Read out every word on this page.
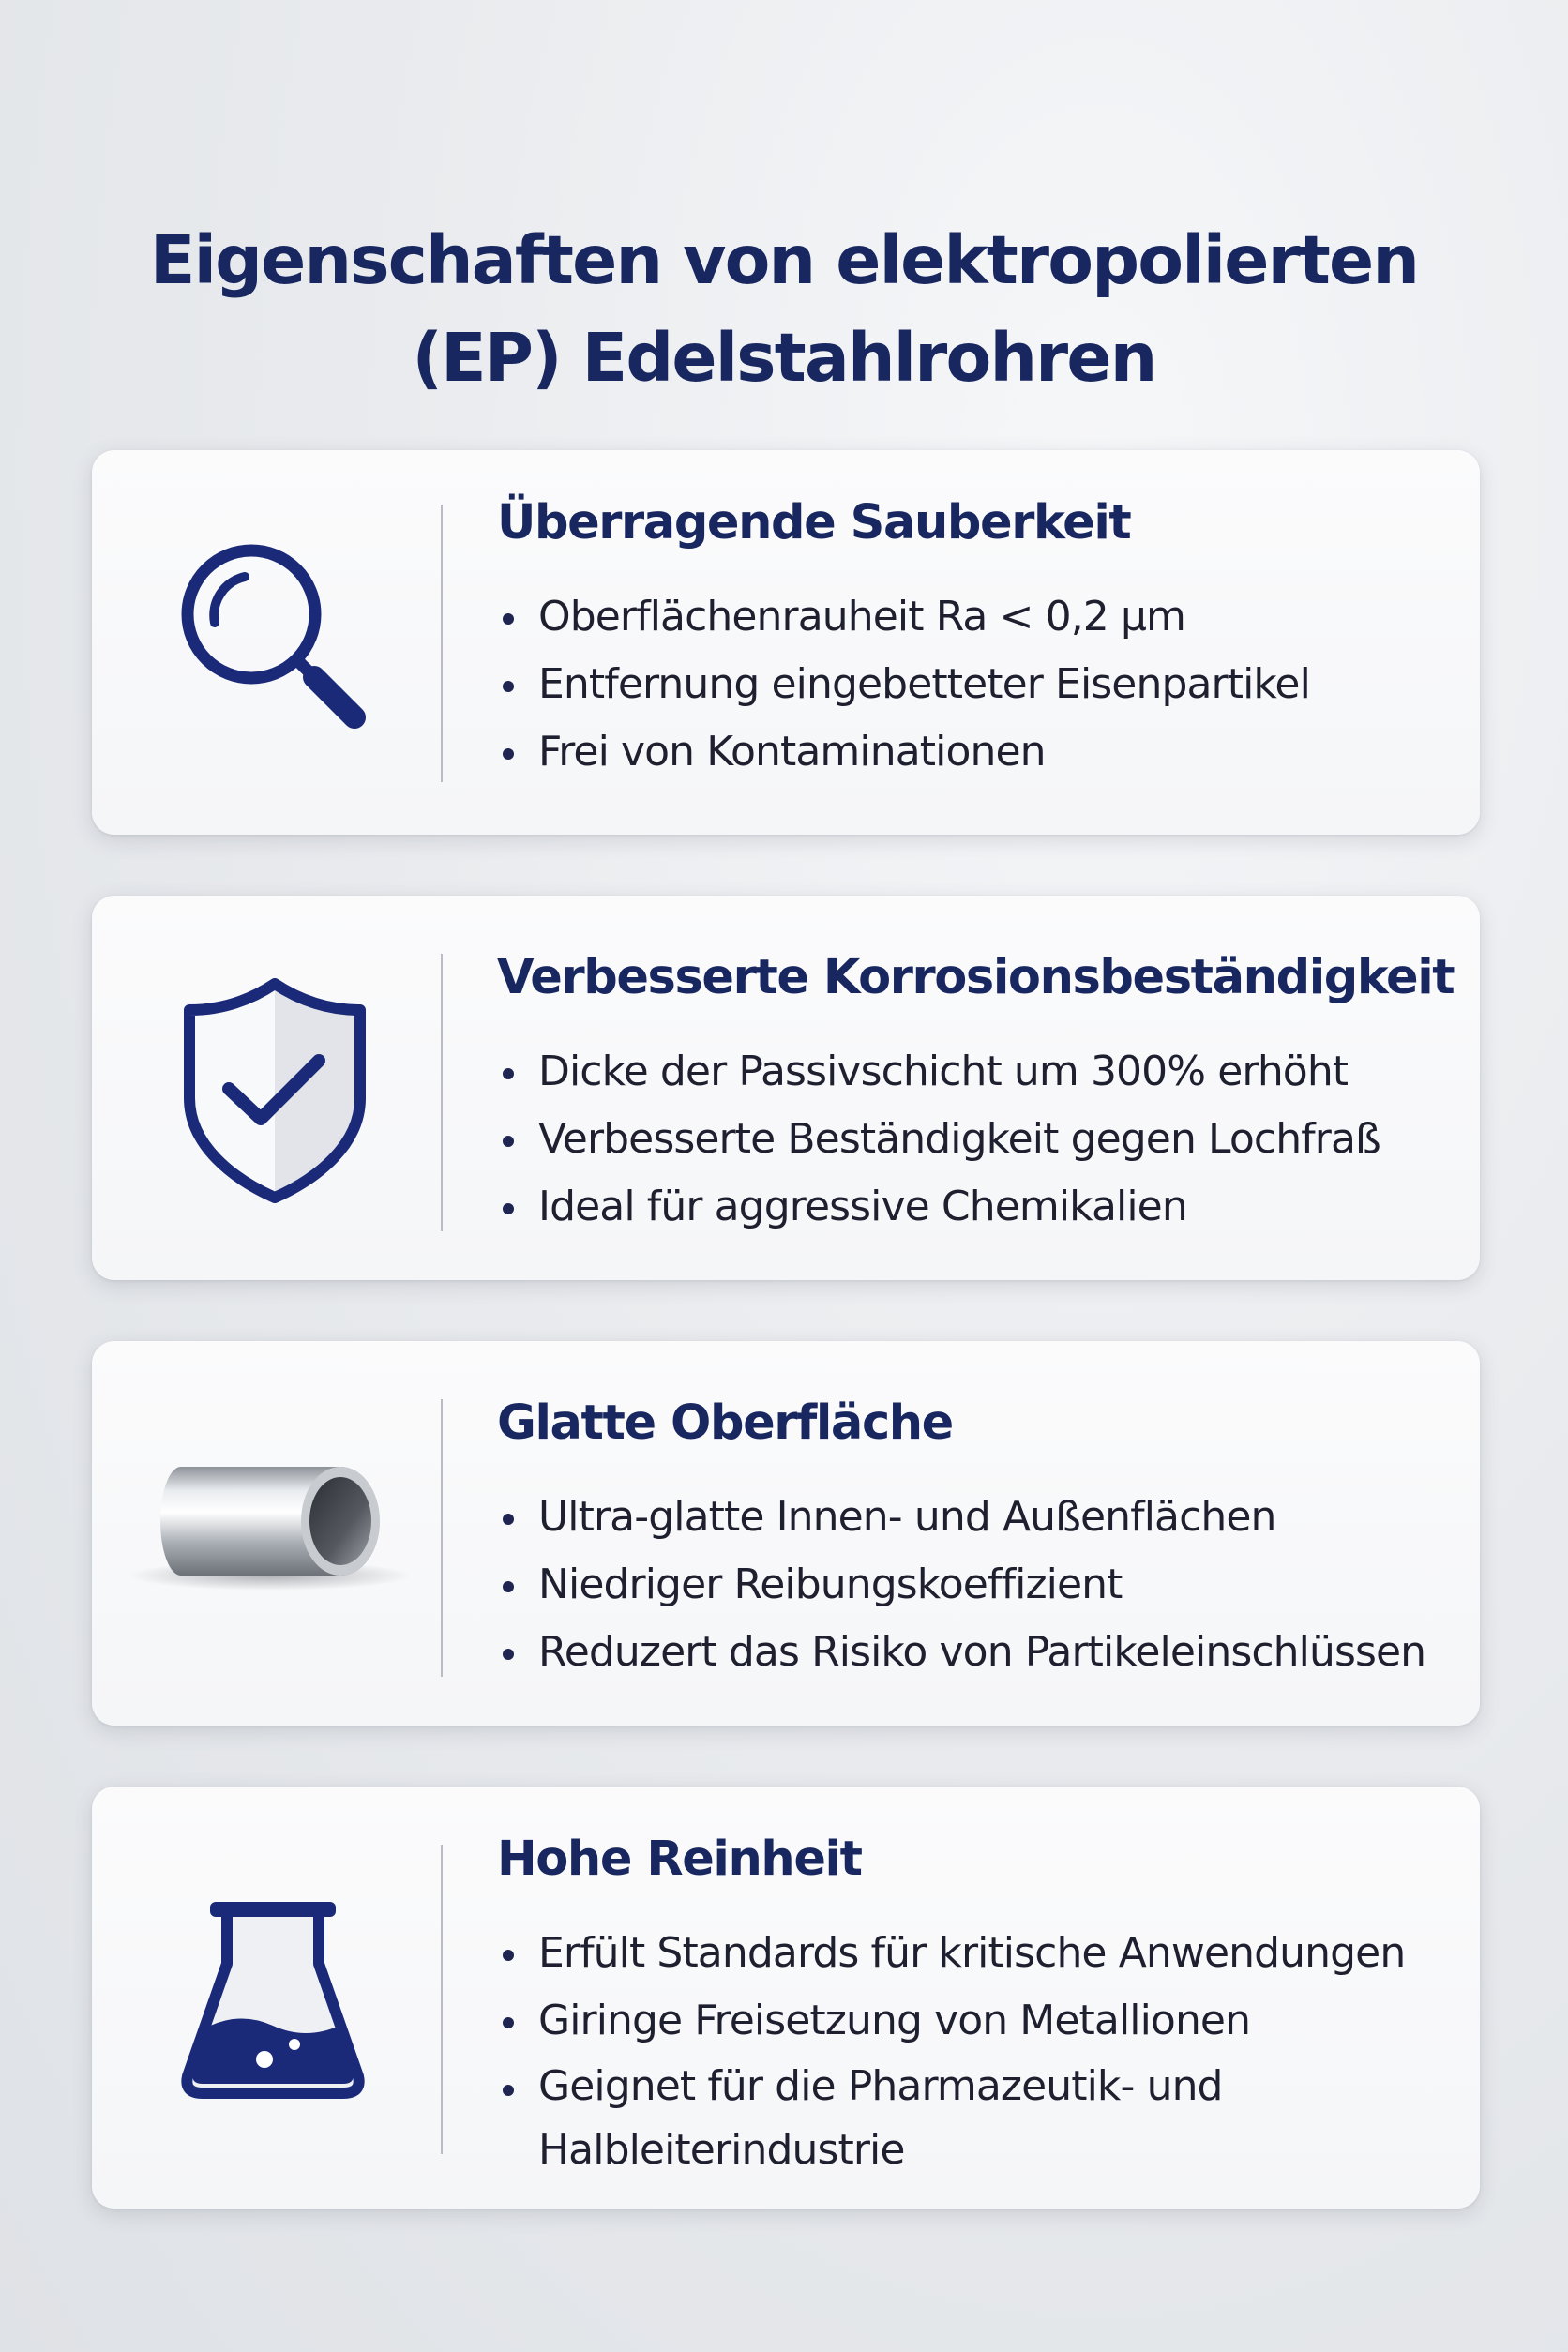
Eigenschaften von elektropolierten
(EP) Edelstahlrohren
Überragende Sauberkeit
Oberflächenrauheit Ra < 0,2 µm
Entfernung eingebetteter Eisenpartikel
Frei von Kontaminationen
Verbesserte Korrosionsbeständigkeit
Dicke der Passivschicht um 300% erhöht
Verbesserte Beständigkeit gegen Lochfraß
Ideal für aggressive Chemikalien
Glatte Oberfläche
Ultra-glatte Innen- und Außenflächen
Niedriger Reibungskoeffizient
Reduzert das Risiko von Partikeleinschlüssen
Hohe Reinheit
Erfült Standards für kritische Anwendungen
Giringe Freisetzung von Metallionen
Geignet für die Pharmazeutik- und Halbleiterindustrie
